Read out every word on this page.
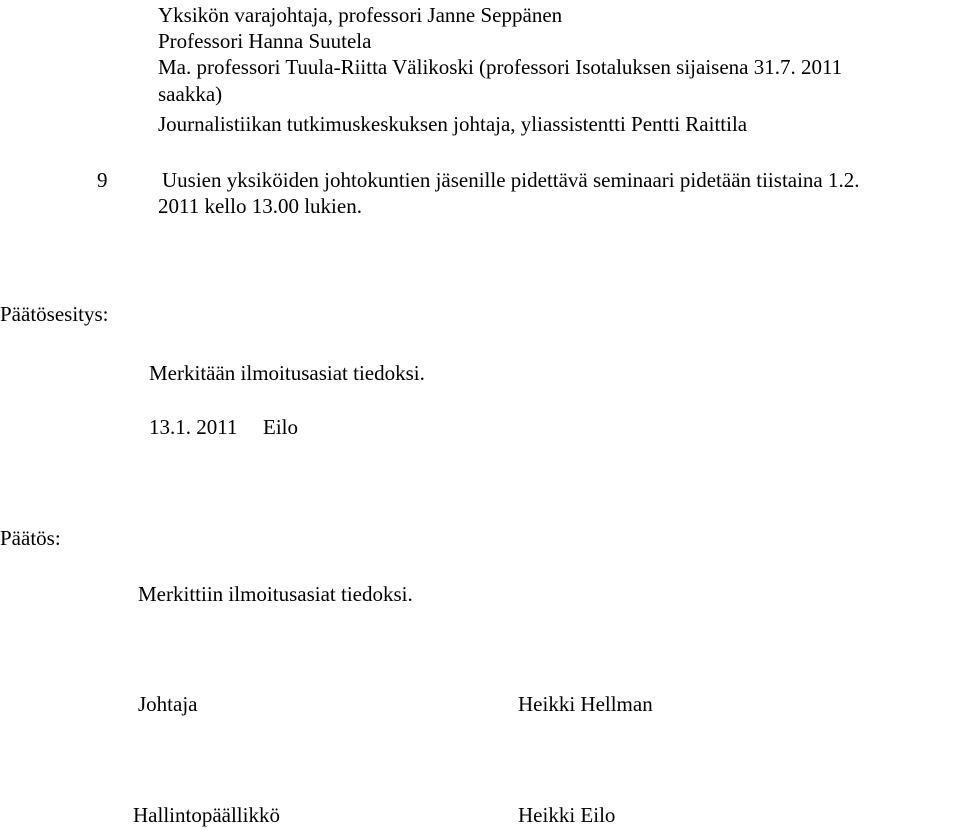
Yksikön varajohtaja, professori Janne Seppänen
Professori Hanna Suutela
Ma. professori Tuula-Riitta Välikoski (professori Isotaluksen sijaisena 31.7. 2011
saakka)
Journalistiikan tutkimuskeskuksen johtaja, yliassistentti Pentti Raittila
9	Uusien yksiköiden johtokuntien jäsenille pidettävä seminaari pidetään tiistaina 1.2.
2011 kello 13.00 lukien.
Päätösesitys:
Merkitään ilmoitusasiat tiedoksi.
13.1. 2011 Eilo
Päätös:
Merkittiin ilmoitusasiat tiedoksi.
Johtaja	Heikki Hellman
Hallintopäällikkö	Heikki Eilo
